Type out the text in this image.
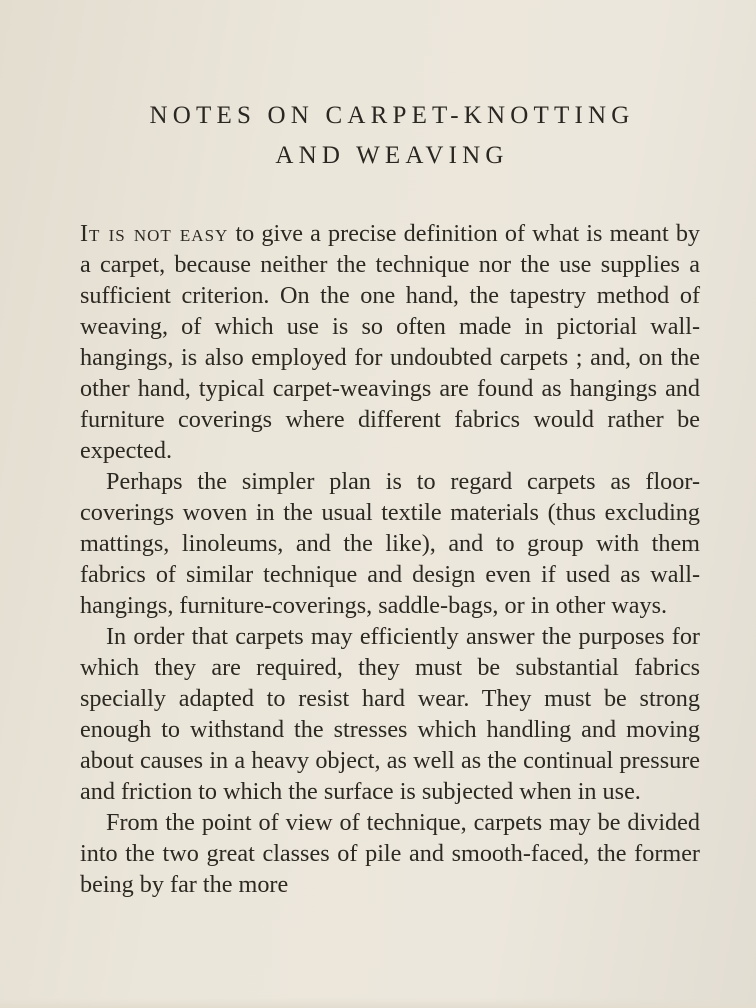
NOTES ON CARPET-KNOTTING
AND WEAVING

It is not easy to give a precise definition of what is meant by a carpet, because neither the technique nor the use supplies a sufficient criterion. On the one hand, the tapestry method of weaving, of which use is so often made in pictorial wall-hangings, is also employed for undoubted carpets ; and, on the other hand, typical carpet-weavings are found as hangings and furniture coverings where different fabrics would rather be expected.

Perhaps the simpler plan is to regard carpets as floor-coverings woven in the usual textile materials (thus excluding mattings, linoleums, and the like), and to group with them fabrics of similar technique and design even if used as wall-hangings, furniture-coverings, saddle-bags, or in other ways.

In order that carpets may efficiently answer the purposes for which they are required, they must be substantial fabrics specially adapted to resist hard wear. They must be strong enough to withstand the stresses which handling and moving about causes in a heavy object, as well as the continual pressure and friction to which the surface is subjected when in use.

From the point of view of technique, carpets may be divided into the two great classes of pile and smooth-faced, the former being by far the more
